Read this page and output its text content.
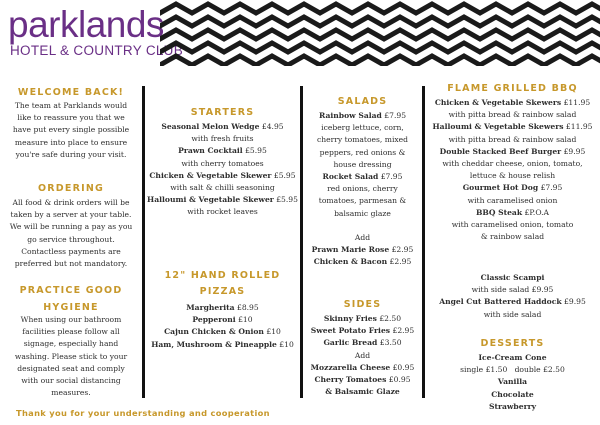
parklands
HOTEL & COUNTRY CLUB
WELCOME BACK!
The team at Parklands would
like to reassure you that we
have put every single possible
measure into place to ensure
you're safe during your visit.
ORDERING
All food & drink orders will be
taken by a server at your table.
We will be running a pay as you
go service throughout.
Contactless payments are
preferred but not mandatory.
PRACTICE GOOD
HYGIENE
When using our bathroom
facilities please follow all
signage, especially hand
washing. Please stick to your
designated seat and comply
with our social distancing
measures.
STARTERS
Seasonal Melon Wedge £4.95
with fresh fruits
Prawn Cocktail £5.95
with cherry tomatoes
Chicken & Vegetable Skewer £5.95
with salt & chilli seasoning
Halloumi & Vegetable Skewer £5.95
with rocket leaves
12" HAND ROLLED
PIZZAS
Margherita £8.95
Pepperoni £10
Cajun Chicken & Onion £10
Ham, Mushroom & Pineapple £10
SALADS
Rainbow Salad £7.95
iceberg lettuce, corn,
cherry tomatoes, mixed
peppers, red onions &
house dressing
Rocket Salad £7.95
red onions, cherry
tomatoes, parmesan &
balsamic glaze
Add
Prawn Marie Rose £2.95
Chicken & Bacon £2.95
SIDES
Skinny Fries £2.50
Sweet Potato Fries £2.95
Garlic Bread £3.50
Add
Mozzarella Cheese £0.95
Cherry Tomatoes £0.95
& Balsamic Glaze
FLAME GRILLED BBQ
Chicken & Vegetable Skewers £11.95
with pitta bread & rainbow salad
Halloumi & Vegetable Skewers £11.95
with pitta bread & rainbow salad
Double Stacked Beef Burger £9.95
with cheddar cheese, onion, tomato,
lettuce & house relish
Gourmet Hot Dog £7.95
with caramelised onion
BBQ Steak £P.O.A
with caramelised onion, tomato
& rainbow salad
Classic Scampi
with side salad £9.95
Angel Cut Battered Haddock £9.95
with side salad
DESSERTS
Ice-Cream Cone
single £1.50 double £2.50
Vanilla
Chocolate
Strawberry
Thank you for your understanding and cooperation
